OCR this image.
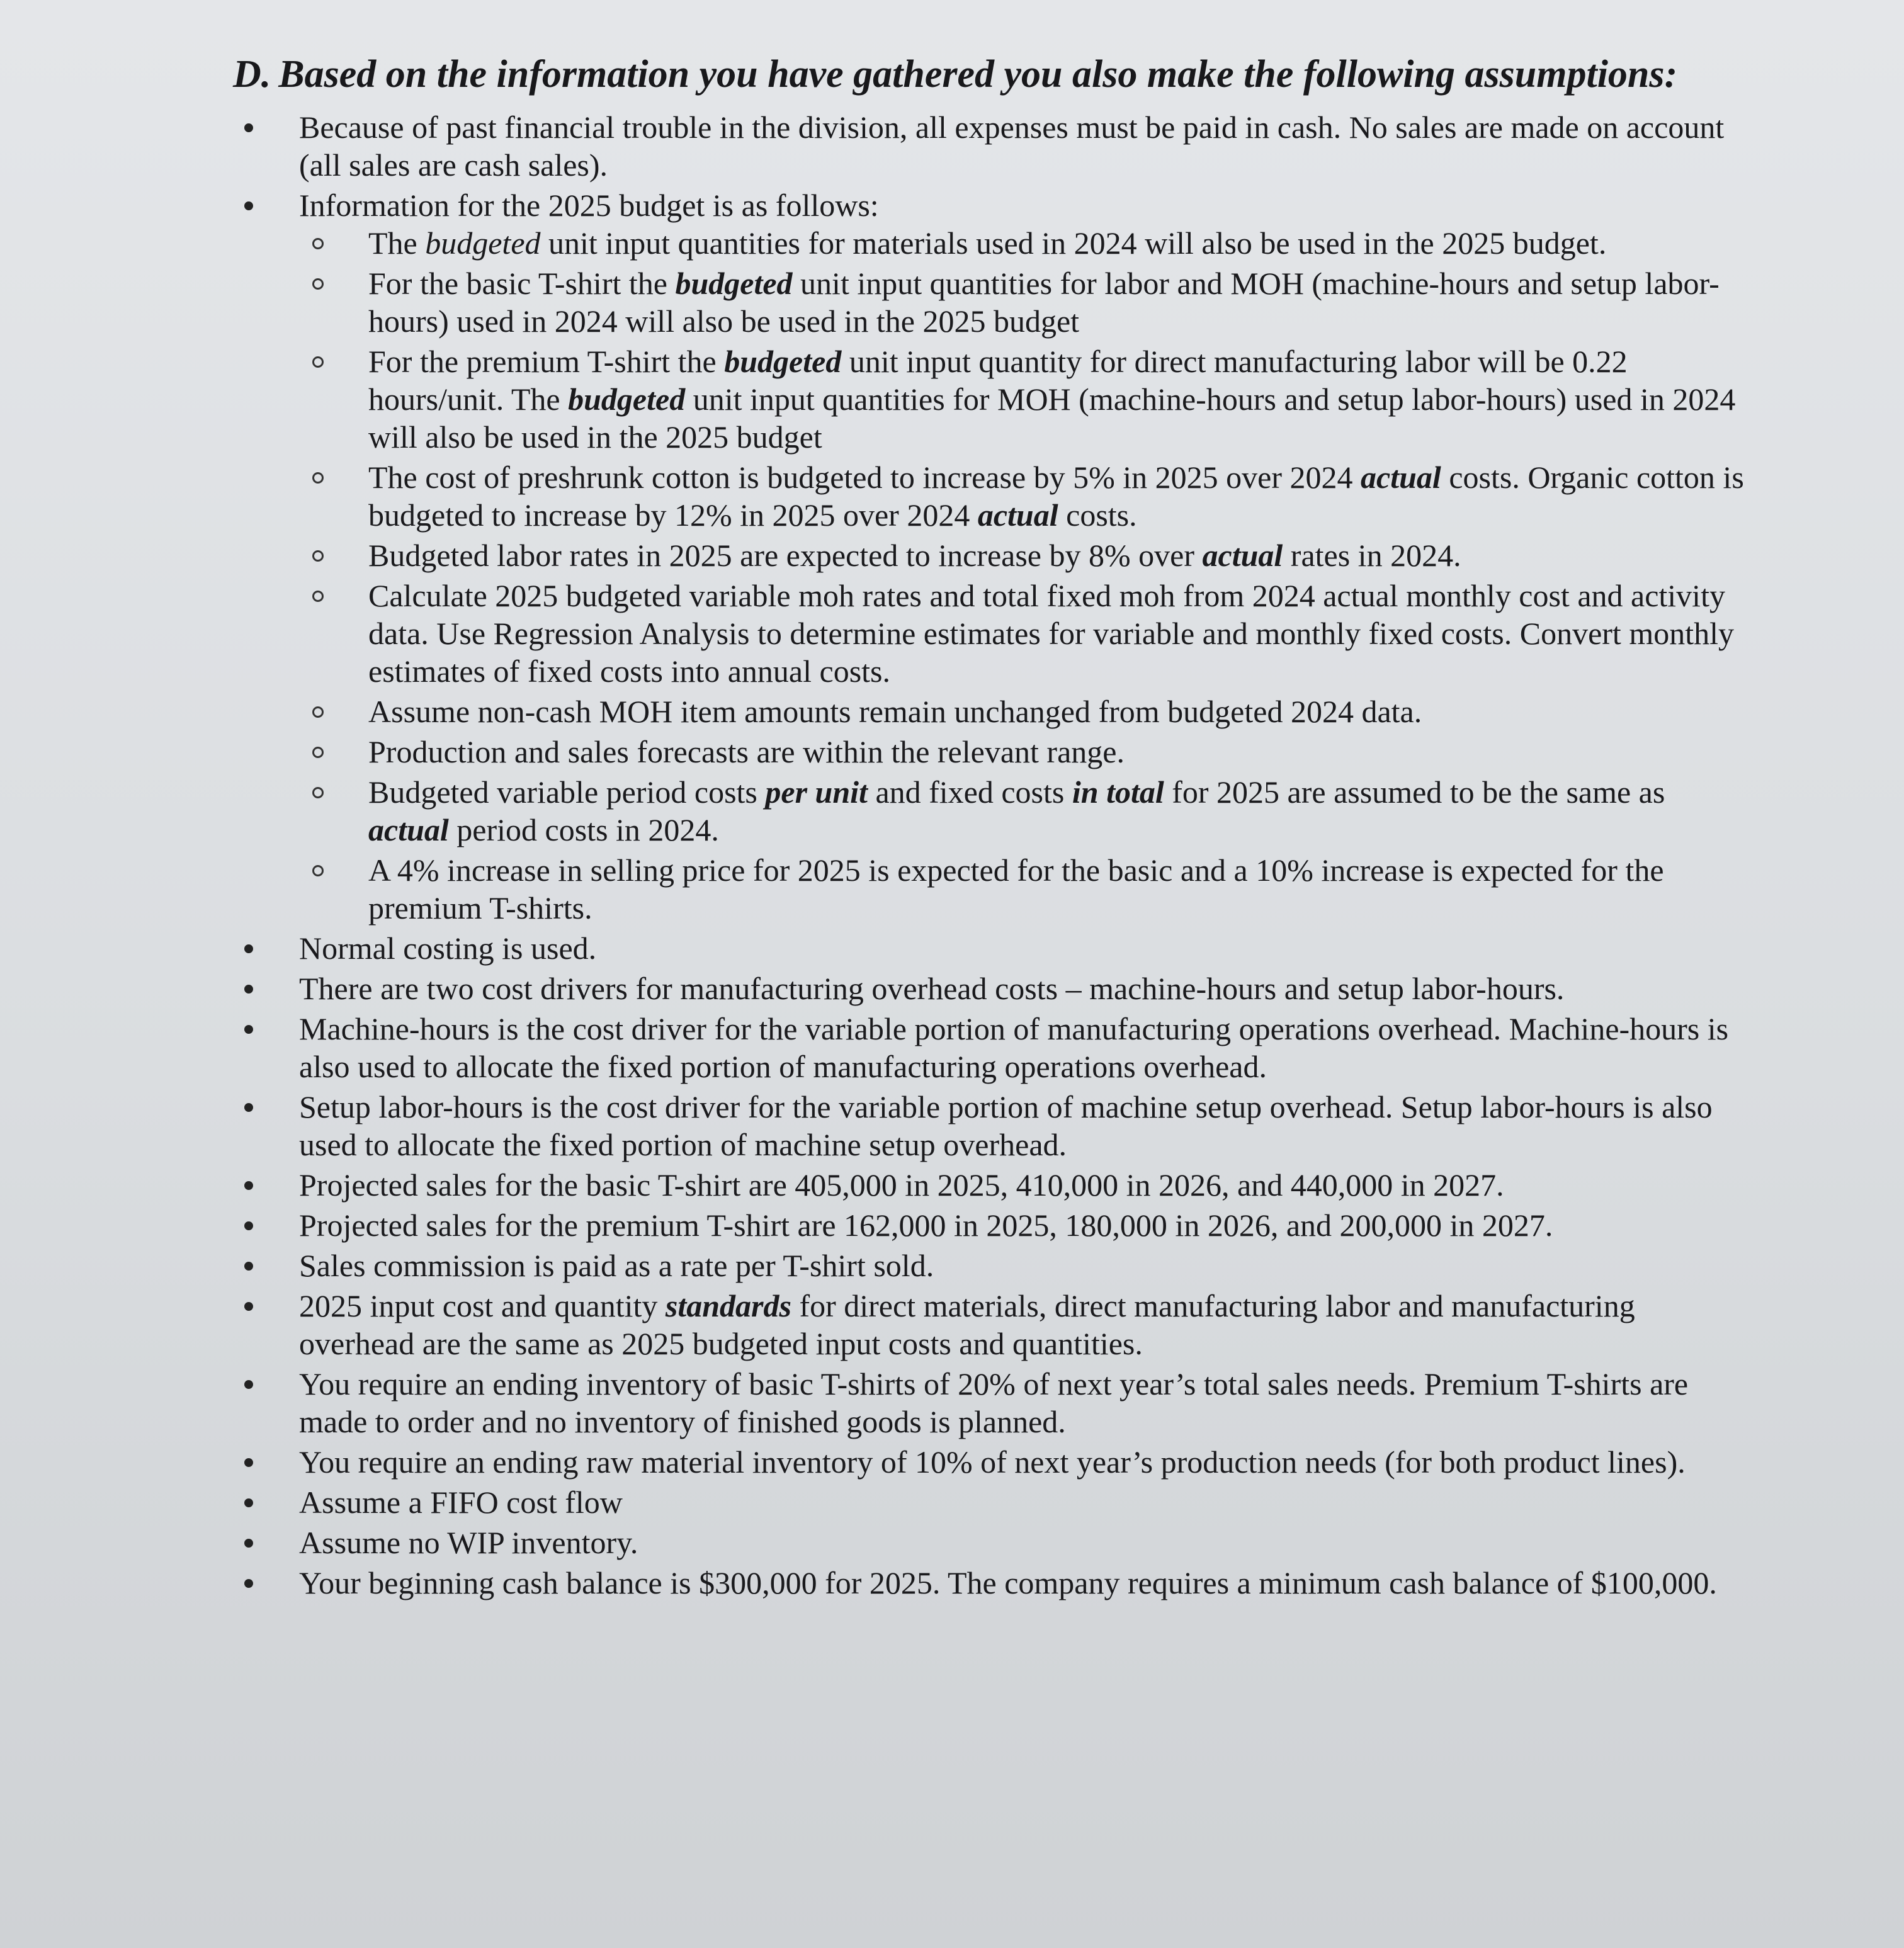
D. Based on the information you have gathered you also make the following assumptions:
Because of past financial trouble in the division, all expenses must be paid in cash. No sales are made on account (all sales are cash sales).
Information for the 2025 budget is as follows:
The budgeted unit input quantities for materials used in 2024 will also be used in the 2025 budget.
For the basic T-shirt the budgeted unit input quantities for labor and MOH (machine-hours and setup labor-hours) used in 2024 will also be used in the 2025 budget
For the premium T-shirt the budgeted unit input quantity for direct manufacturing labor will be 0.22 hours/unit. The budgeted unit input quantities for MOH (machine-hours and setup labor-hours) used in 2024 will also be used in the 2025 budget
The cost of preshrunk cotton is budgeted to increase by 5% in 2025 over 2024 actual costs. Organic cotton is budgeted to increase by 12% in 2025 over 2024 actual costs.
Budgeted labor rates in 2025 are expected to increase by 8% over actual rates in 2024.
Calculate 2025 budgeted variable moh rates and total fixed moh from 2024 actual monthly cost and activity data. Use Regression Analysis to determine estimates for variable and monthly fixed costs. Convert monthly estimates of fixed costs into annual costs.
Assume non-cash MOH item amounts remain unchanged from budgeted 2024 data.
Production and sales forecasts are within the relevant range.
Budgeted variable period costs per unit and fixed costs in total for 2025 are assumed to be the same as actual period costs in 2024.
A 4% increase in selling price for 2025 is expected for the basic and a 10% increase is expected for the premium T-shirts.
Normal costing is used.
There are two cost drivers for manufacturing overhead costs – machine-hours and setup labor-hours.
Machine-hours is the cost driver for the variable portion of manufacturing operations overhead. Machine-hours is also used to allocate the fixed portion of manufacturing operations overhead.
Setup labor-hours is the cost driver for the variable portion of machine setup overhead. Setup labor-hours is also used to allocate the fixed portion of machine setup overhead.
Projected sales for the basic T-shirt are 405,000 in 2025, 410,000 in 2026, and 440,000 in 2027.
Projected sales for the premium T-shirt are 162,000 in 2025, 180,000 in 2026, and 200,000 in 2027.
Sales commission is paid as a rate per T-shirt sold.
2025 input cost and quantity standards for direct materials, direct manufacturing labor and manufacturing overhead are the same as 2025 budgeted input costs and quantities.
You require an ending inventory of basic T-shirts of 20% of next year’s total sales needs. Premium T-shirts are made to order and no inventory of finished goods is planned.
You require an ending raw material inventory of 10% of next year’s production needs (for both product lines).
Assume a FIFO cost flow
Assume no WIP inventory.
Your beginning cash balance is $300,000 for 2025. The company requires a minimum cash balance of $100,000.
